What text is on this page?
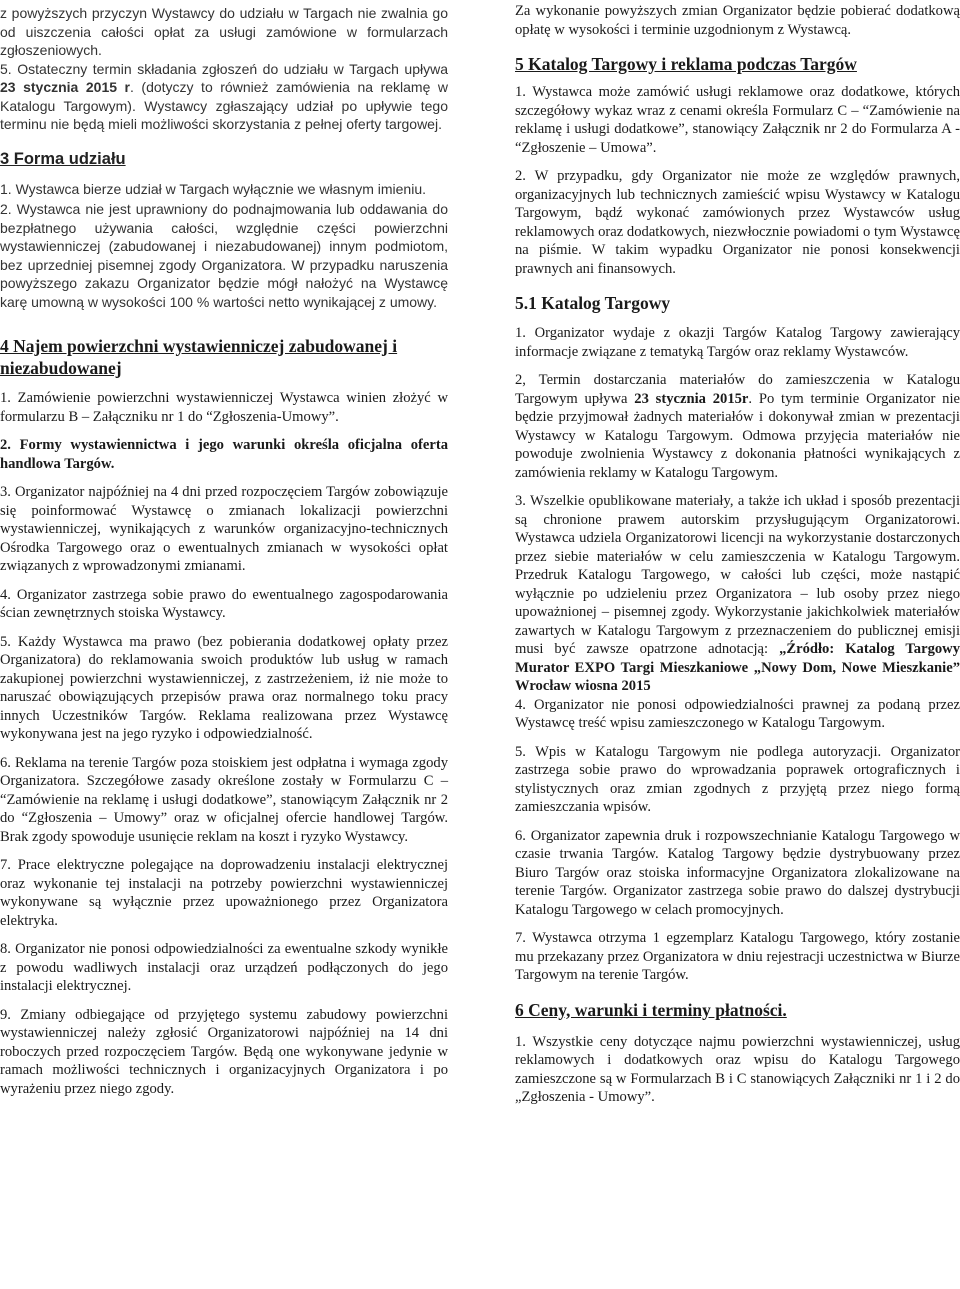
z powyższych przyczyn Wystawcy do udziału w Targach nie zwalnia go od uiszczenia całości opłat za usługi zamówione w formularzach zgłoszeniowych.

5. Ostateczny termin składania zgłoszeń do udziału w Targach upływa 23 stycznia 2015 r. (dotyczy to również zamówienia na reklamę w Katalogu Targowym). Wystawcy zgłaszający udział po upływie tego terminu nie będą mieli możliwości skorzystania z pełnej oferty targowej.

3 Forma udziału

1. Wystawca bierze udział w Targach wyłącznie we własnym imieniu.

2. Wystawca nie jest uprawniony do podnajmowania lub oddawania do bezpłatnego używania całości, względnie części powierzchni wystawienniczej (zabudowanej i niezabudowanej) innym podmiotom, bez uprzedniej pisemnej zgody Organizatora. W przypadku naruszenia powyższego zakazu Organizator będzie mógł nałożyć na Wystawcę karę umowną w wysokości 100 % wartości netto wynikającej z umowy.

4 Najem powierzchni wystawienniczej zabudowanej i niezabudowanej

1. Zamówienie powierzchni wystawienniczej Wystawca winien złożyć w formularzu B – Załączniku nr 1 do “Zgłoszenia-Umowy”.

2. Formy wystawiennictwa i jego warunki określa oficjalna oferta handlowa Targów.

3. Organizator najpóźniej na 4 dni przed rozpoczęciem Targów zobowiązuje się poinformować Wystawcę o zmianach lokalizacji powierzchni wystawienniczej, wynikających z warunków organizacyjno-technicznych Ośrodka Targowego oraz o ewentualnych zmianach w wysokości opłat związanych z wprowadzonymi zmianami.

4. Organizator zastrzega sobie prawo do ewentualnego zagospodarowania ścian zewnętrznych stoiska Wystawcy.

5. Każdy Wystawca ma prawo (bez pobierania dodatkowej opłaty przez Organizatora) do reklamowania swoich produktów lub usług w ramach zakupionej powierzchni wystawienniczej, z zastrzeżeniem, iż nie może to naruszać obowiązujących przepisów prawa oraz normalnego toku pracy innych Uczestników Targów. Reklama realizowana przez Wystawcę wykonywana jest na jego ryzyko i odpowiedzialność.

6. Reklama na terenie Targów poza stoiskiem jest odpłatna i wymaga zgody Organizatora. Szczegółowe zasady określone zostały w Formularzu C – “Zamówienie na reklamę i usługi dodatkowe”, stanowiącym Załącznik nr 2 do “Zgłoszenia – Umowy” oraz w oficjalnej ofercie handlowej Targów. Brak zgody spowoduje usunięcie reklam na koszt i ryzyko Wystawcy.

7. Prace elektryczne polegające na doprowadzeniu instalacji elektrycznej oraz wykonanie tej instalacji na potrzeby powierzchni wystawienniczej wykonywane są wyłącznie przez upoważnionego przez Organizatora elektryka.

8. Organizator nie ponosi odpowiedzialności za ewentualne szkody wynikłe z powodu wadliwych instalacji oraz urządzeń podłączonych do jego instalacji elektrycznej.

9. Zmiany odbiegające od przyjętego systemu zabudowy powierzchni wystawienniczej należy zgłosić Organizatorowi najpóźniej na 14 dni roboczych przed rozpoczęciem Targów. Będą one wykonywane jedynie w ramach możliwości technicznych i organizacyjnych Organizatora i po wyrażeniu przez niego zgody.

Za wykonanie powyższych zmian Organizator będzie pobierać dodatkową opłatę w wysokości i terminie uzgodnionym z Wystawcą.

5 Katalog Targowy i reklama podczas Targów

1. Wystawca może zamówić usługi reklamowe oraz dodatkowe, których szczegółowy wykaz wraz z cenami określa Formularz C – “Zamówienie na reklamę i usługi dodatkowe”, stanowiący Załącznik nr 2 do Formularza A - “Zgłoszenie – Umowa”.

2. W przypadku, gdy Organizator nie może ze względów prawnych, organizacyjnych lub technicznych zamieścić wpisu Wystawcy w Katalogu Targowym, bądź wykonać zamówionych przez Wystawców usług reklamowych oraz dodatkowych, niezwłocznie powiadomi o tym Wystawcę na piśmie. W takim wypadku Organizator nie ponosi konsekwencji prawnych ani finansowych.

5.1 Katalog Targowy

1. Organizator wydaje z okazji Targów Katalog Targowy zawierający informacje związane z tematyką Targów oraz reklamy Wystawców.

2, Termin dostarczania materiałów do zamieszczenia w Katalogu Targowym upływa 23 stycznia 2015r. Po tym terminie Organizator nie będzie przyjmował żadnych materiałów i dokonywał zmian w prezentacji Wystawcy w Katalogu Targowym. Odmowa przyjęcia materiałów nie powoduje zwolnienia Wystawcy z dokonania płatności wynikających z zamówienia reklamy w Katalogu Targowym.

3. Wszelkie opublikowane materiały, a także ich układ i sposób prezentacji są chronione prawem autorskim przysługującym Organizatorowi. Wystawca udziela Organizatorowi licencji na wykorzystanie dostarczonych przez siebie materiałów w celu zamieszczenia w Katalogu Targowym. Przedruk Katalogu Targowego, w całości lub części, może nastąpić wyłącznie po udzieleniu przez Organizatora – lub osoby przez niego upoważnionej – pisemnej zgody. Wykorzystanie jakichkolwiek materiałów zawartych w Katalogu Targowym z przeznaczeniem do publicznej emisji musi być zawsze opatrzone adnotacją: „Źródło: Katalog Targowy Murator EXPO Targi Mieszkaniowe „Nowy Dom, Nowe Mieszkanie” Wrocław wiosna 2015

4. Organizator nie ponosi odpowiedzialności prawnej za podaną przez Wystawcę treść wpisu zamieszczonego w Katalogu Targowym.

5. Wpis w Katalogu Targowym nie podlega autoryzacji. Organizator zastrzega sobie prawo do wprowadzania poprawek ortograficznych i stylistycznych oraz zmian zgodnych z przyjętą przez niego formą zamieszczania wpisów.

6. Organizator zapewnia druk i rozpowszechnianie Katalogu Targowego w czasie trwania Targów. Katalog Targowy będzie dystrybuowany przez Biuro Targów oraz stoiska informacyjne Organizatora zlokalizowane na terenie Targów. Organizator zastrzega sobie prawo do dalszej dystrybucji Katalogu Targowego w celach promocyjnych.

7. Wystawca otrzyma 1 egzemplarz Katalogu Targowego, który zostanie mu przekazany przez Organizatora w dniu rejestracji uczestnictwa w Biurze Targowym na terenie Targów.

6 Ceny, warunki i terminy płatności.

1. Wszystkie ceny dotyczące najmu powierzchni wystawienniczej, usług reklamowych i dodatkowych oraz wpisu do Katalogu Targowego zamieszczone są w Formularzach B i C stanowiących Załączniki nr 1 i 2 do „Zgłoszenia - Umowy”.
